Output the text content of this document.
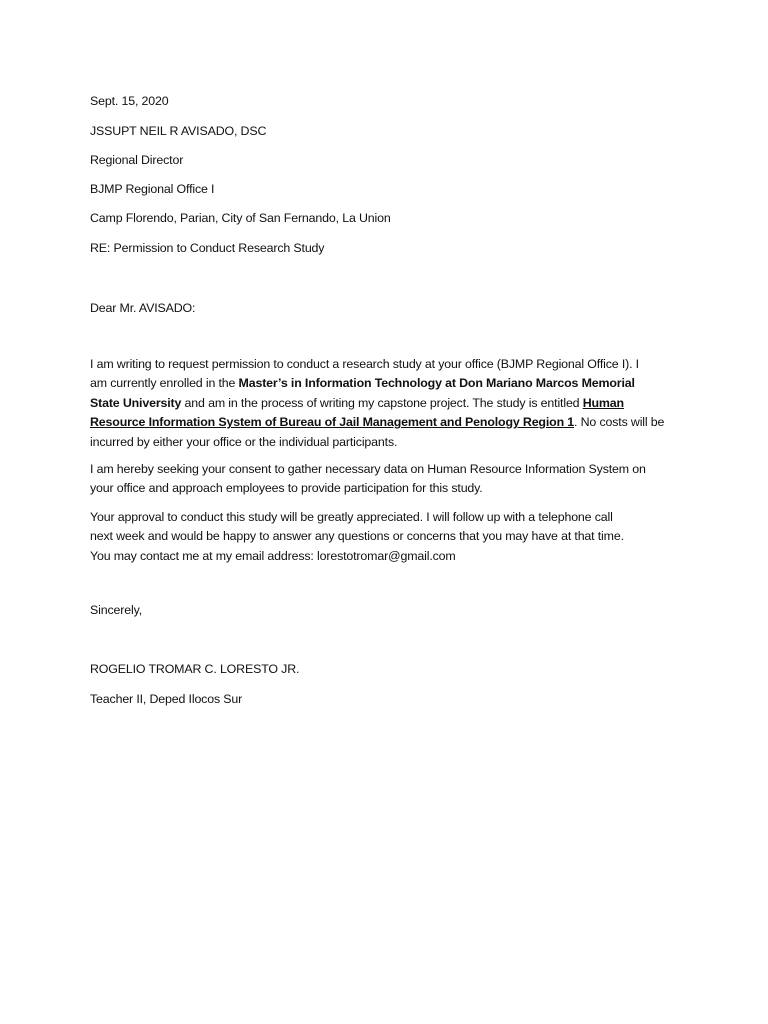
Sept. 15, 2020

JSSUPT NEIL R AVISADO, DSC

Regional Director

BJMP Regional Office I

Camp Florendo, Parian, City of San Fernando, La Union

RE: Permission to Conduct Research Study

Dear Mr. AVISADO:

I am writing to request permission to conduct a research study at your office (BJMP Regional Office I). I
am currently enrolled in the Master’s in Information Technology at Don Mariano Marcos Memorial
State University and am in the process of writing my capstone project. The study is entitled Human
Resource Information System of Bureau of Jail Management and Penology Region 1. No costs will be
incurred by either your office or the individual participants.
I am hereby seeking your consent to gather necessary data on Human Resource Information System on
your office and approach employees to provide participation for this study.
Your approval to conduct this study will be greatly appreciated. I will follow up with a telephone call
next week and would be happy to answer any questions or concerns that you may have at that time.
You may contact me at my email address: lorestotromar@gmail.com

Sincerely,

ROGELIO TROMAR C. LORESTO JR.

Teacher II, Deped Ilocos Sur
